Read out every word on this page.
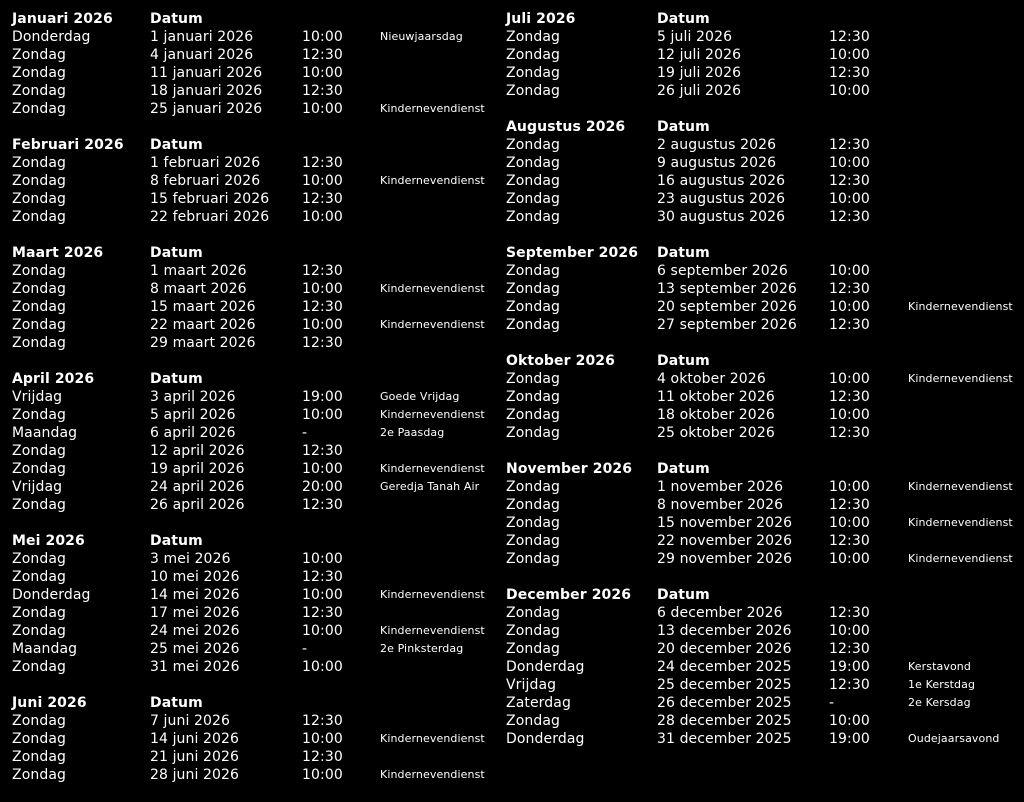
Januari 2026	Datum
Donderdag	1 januari 2026	10:00	Nieuwjaarsdag
Zondag	4 januari 2026	12:30
Zondag	11 januari 2026	10:00
Zondag	18 januari 2026	12:30
Zondag	25 januari 2026	10:00	Kindernevendienst
Februari 2026 Datum
Zondag	1 februari 2026	12:30
Zondag	8 februari 2026	10:00	Kindernevendienst
Zondag	15 februari 2026 12:30
Zondag	22 februari 2026 10:00
Maart 2026	Datum
Zondag	1 maart 2026	12:30
Zondag	8 maart 2026	10:00	Kindernevendienst
Zondag	15 maart 2026	12:30
Zondag	22 maart 2026	10:00	Kindernevendienst
Zondag	29 maart 2026	12:30
April 2026	Datum
Vrijdag	3 april 2026	19:00	Goede Vrijdag
Zondag	5 april 2026	10:00	Kindernevendienst
Maandag	6 april 2026	-	2e Paasdag
Zondag	12 april 2026	12:30
Zondag	19 april 2026	10:00	Kindernevendienst
Vrijdag	24 april 2026	20:00	Geredja Tanah Air
Zondag	26 april 2026	12:30
Mei 2026	Datum
Zondag	3 mei 2026	10:00
Zondag	10 mei 2026	12:30
Donderdag	14 mei 2026	10:00	Kindernevendienst
Zondag	17 mei 2026	12:30
Zondag	24 mei 2026	10:00	Kindernevendienst
Maandag	25 mei 2026	-	2e Pinksterdag
Zondag	31 mei 2026	10:00
Juni 2026	Datum
Zondag	7 juni 2026	12:30
Zondag	14 juni 2026	10:00	Kindernevendienst
Zondag	21 juni 2026	12:30
Zondag	28 juni 2026	10:00	Kindernevendienst
Juli 2026	Datum
Zondag	5 juli 2026	12:30
Zondag	12 juli 2026	10:00
Zondag	19 juli 2026	12:30
Zondag	26 juli 2026	10:00
Augustus 2026 Datum
Zondag	2 augustus 2026	12:30
Zondag	9 augustus 2026	10:00
Zondag	16 augustus 2026	12:30
Zondag	23 augustus 2026	10:00
Zondag	30 augustus 2026	12:30
September 2026 Datum
Zondag	6 september 2026	10:00
Zondag	13 september 2026 12:30
Zondag	20 september 2026 10:00	Kindernevendienst
Zondag	27 september 2026 12:30
Oktober 2026	Datum
Zondag	4 oktober 2026	10:00	Kindernevendienst
Zondag	11 oktober 2026	12:30
Zondag	18 oktober 2026	10:00
Zondag	25 oktober 2026	12:30
November 2026 Datum
Zondag	1 november 2026	10:00	Kindernevendienst
Zondag	8 november 2026	12:30
Zondag	15 november 2026	10:00	Kindernevendienst
Zondag	22 november 2026	12:30
Zondag	29 november 2026	10:00	Kindernevendienst
December 2026 Datum
Zondag	6 december 2026	12:30
Zondag	13 december 2026	10:00
Zondag	20 december 2026	12:30
Donderdag	24 december 2025	19:00	Kerstavond
Vrijdag	25 december 2025	12:30	1e Kerstdag
Zaterdag	26 december 2025	-	2e Kersdag
Zondag	28 december 2025	10:00
Donderdag	31 december 2025	19:00	Oudejaarsavond
